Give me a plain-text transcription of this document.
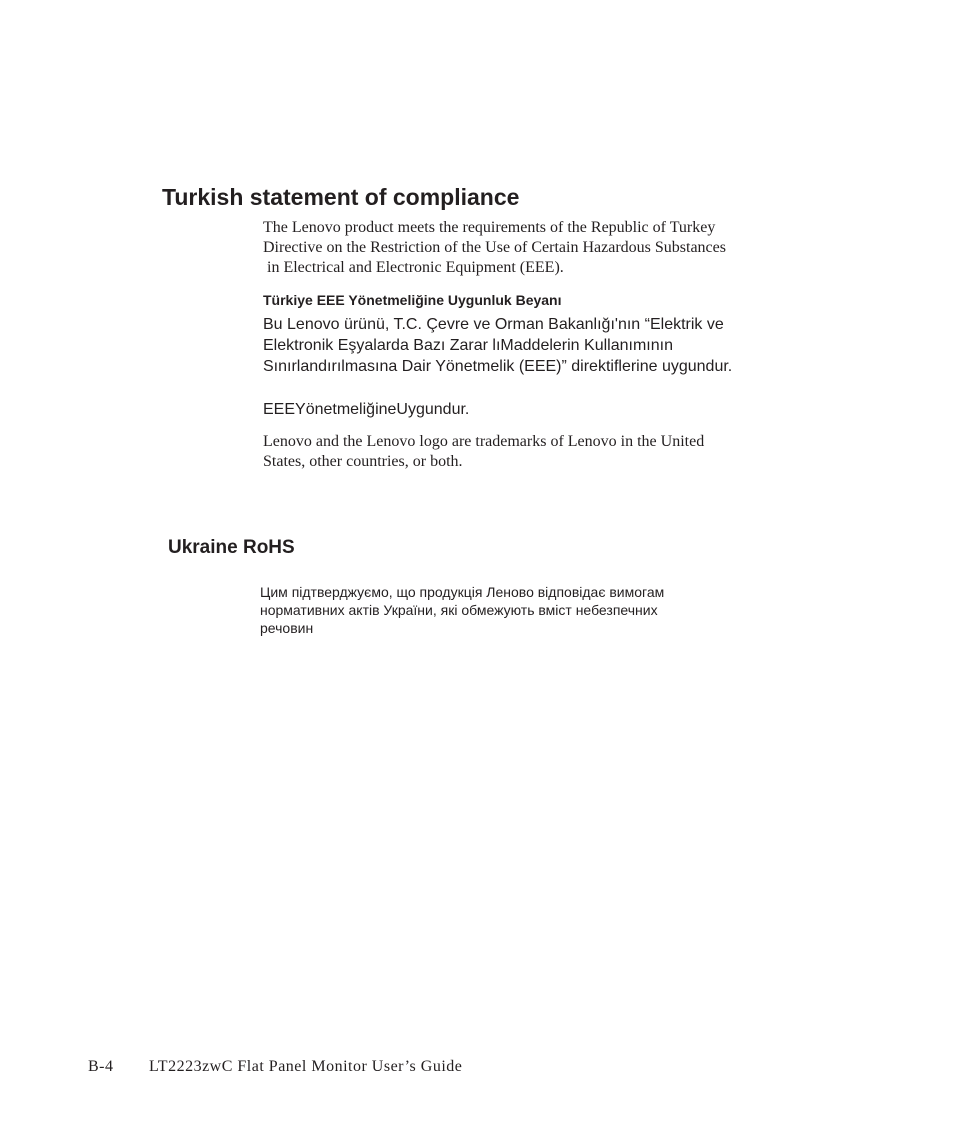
Turkish statement of compliance
The Lenovo product meets the requirements of the Republic of Turkey
Directive on the Restriction of the Use of Certain Hazardous Substances
in Electrical and Electronic Equipment (EEE).
Türkiye EEE Yönetmeliğine Uygunluk Beyanı
Bu Lenovo ürünü, T.C. Çevre ve Orman Bakanlığı'nın “Elektrik ve
Elektronik Eşyalarda Bazı Zarar lıMaddelerin Kullanımının
Sınırlandırılmasına Dair Yönetmelik (EEE)” direktiflerine uygundur.
EEEYönetmeliğineUygundur.
Lenovo and the Lenovo logo are trademarks of Lenovo in the United
States, other countries, or both.
Ukraine RoHS
Цим підтверджуємо, що продукція Леново відповідає вимогам
нормативних актів України, які обмежують вміст небезпечних
речовин
B-4 LT2223zwC Flat Panel Monitor User’s Guide
